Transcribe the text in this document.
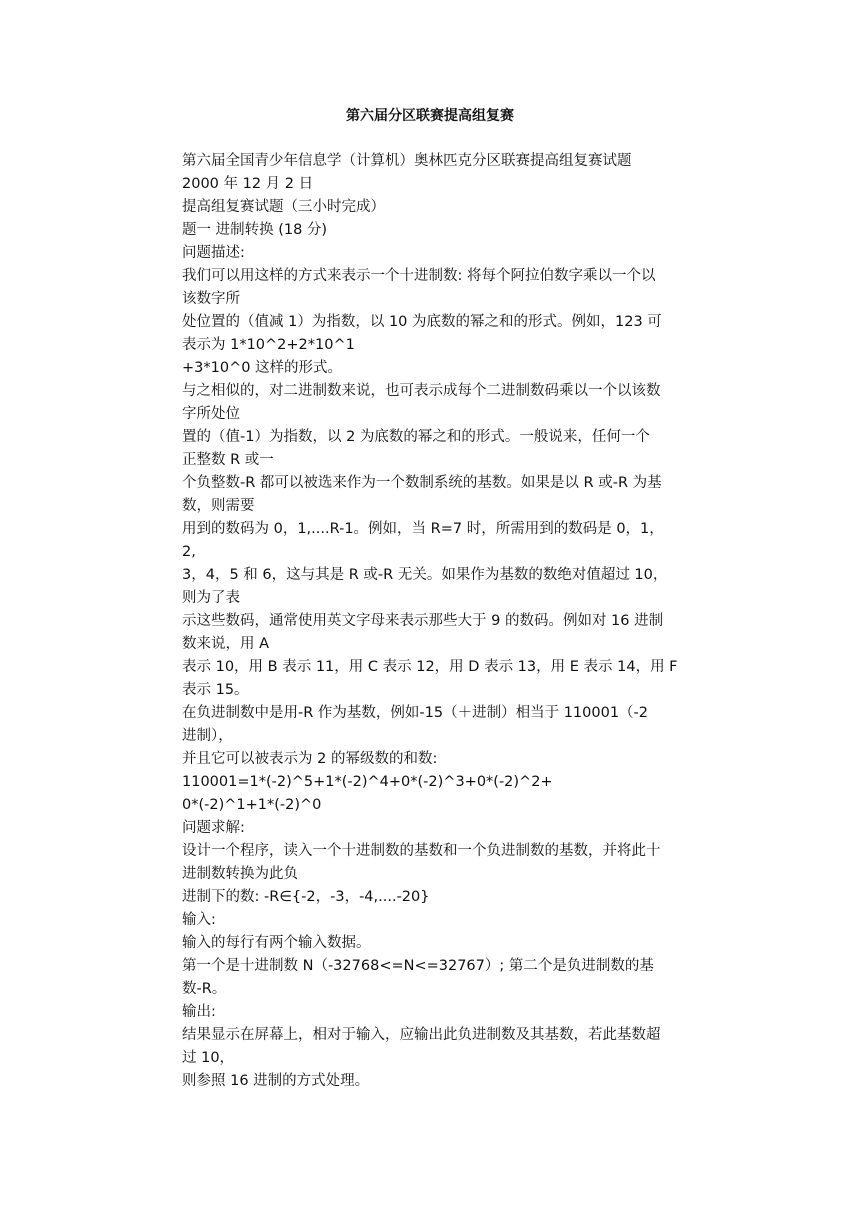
第六届分区联赛提高组复赛
第六届全国青少年信息学（计算机）奥林匹克分区联赛提高组复赛试题
2000 年 12 月 2 日
提高组复赛试题（三小时完成）
题一 进制转换 (18 分)
问题描述:
我们可以用这样的方式来表示一个十进制数: 将每个阿拉伯数字乘以一个以
该数字所
处位置的（值减 1）为指数，以 10 为底数的幂之和的形式。例如，123 可
表示为 1*10^2+2*10^1
+3*10^0 这样的形式。
与之相似的，对二进制数来说，也可表示成每个二进制数码乘以一个以该数
字所处位
置的（值-1）为指数，以 2 为底数的幂之和的形式。一般说来，任何一个
正整数 R 或一
个负整数-R 都可以被选来作为一个数制系统的基数。如果是以 R 或-R 为基
数，则需要
用到的数码为 0，1,....R-1。例如，当 R=7 时，所需用到的数码是 0，1，
2,
3，4，5 和 6，这与其是 R 或-R 无关。如果作为基数的数绝对值超过 10，
则为了表
示这些数码，通常使用英文字母来表示那些大于 9 的数码。例如对 16 进制
数来说，用 A
表示 10，用 B 表示 11，用 C 表示 12，用 D 表示 13，用 E 表示 14，用 F
表示 15。
在负进制数中是用-R 作为基数，例如-15（＋进制）相当于 110001（-2
进制），
并且它可以被表示为 2 的幂级数的和数:
110001=1*(-2)^5+1*(-2)^4+0*(-2)^3+0*(-2)^2+
0*(-2)^1+1*(-2)^0
问题求解:
设计一个程序，读入一个十进制数的基数和一个负进制数的基数，并将此十
进制数转换为此负
进制下的数: -R∈{-2，-3，-4,....-20}
输入:
输入的每行有两个输入数据。
第一个是十进制数 N（-32768<=N<=32767）; 第二个是负进制数的基
数-R。
输出:
结果显示在屏幕上，相对于输入，应输出此负进制数及其基数，若此基数超
过 10，
则参照 16 进制的方式处理。
